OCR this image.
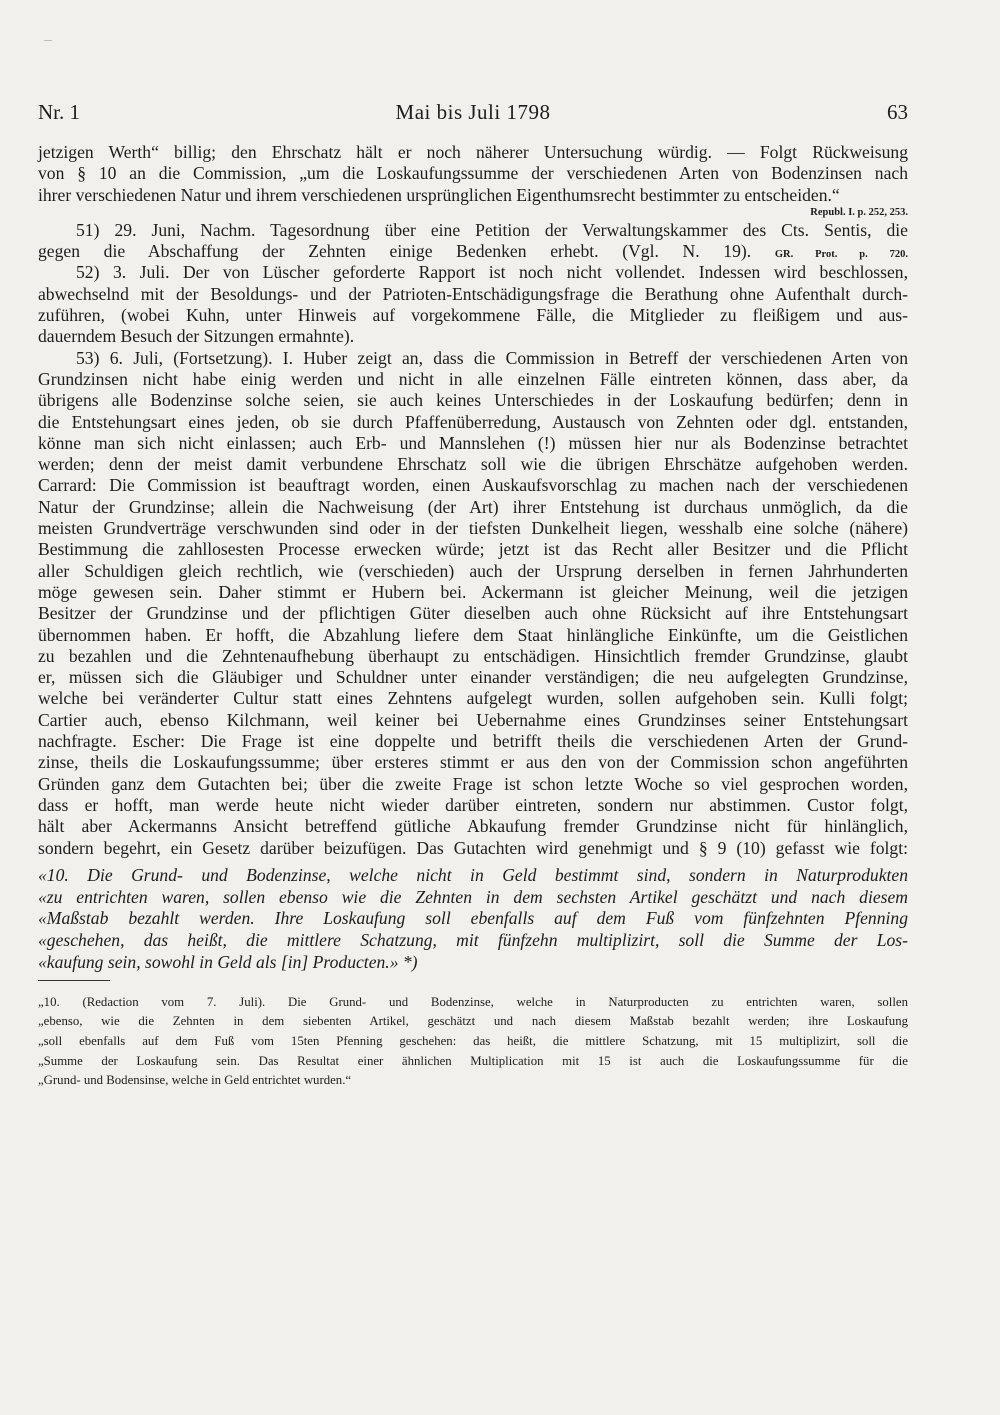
Nr. 1	Mai bis Juli 1798	63
jetzigen Werth“ billig; den Ehrschatz hält er noch näherer Untersuchung würdig. — Folgt Rückweisung
von § 10 an die Commission, „um die Loskaufungssumme der verschiedenen Arten von Bodenzinsen nach
ihrer verschiedenen Natur und ihrem verschiedenen ursprünglichen Eigenthumsrecht bestimmter zu entscheiden.“
Republ. I. p. 252, 253.
51) 29. Juni, Nachm. Tagesordnung über eine Petition der Verwaltungskammer des Cts. Sentis, die
gegen die Abschaffung der Zehnten einige Bedenken erhebt. (Vgl. N. 19). GR. Prot. p. 720.
52) 3. Juli. Der von Lüscher geforderte Rapport ist noch nicht vollendet. Indessen wird beschlossen,
abwechselnd mit der Besoldungs- und der Patrioten-Entschädigungsfrage die Berathung ohne Aufenthalt durch-
zuführen, (wobei Kuhn, unter Hinweis auf vorgekommene Fälle, die Mitglieder zu fleißigem und aus-
dauerndem Besuch der Sitzungen ermahnte).
53) 6. Juli, (Fortsetzung). I. Huber zeigt an, dass die Commission in Betreff der verschiedenen Arten von
Grundzinsen nicht habe einig werden und nicht in alle einzelnen Fälle eintreten können, dass aber, da
übrigens alle Bodenzinse solche seien, sie auch keines Unterschiedes in der Loskaufung bedürfen; denn in
die Entstehungsart eines jeden, ob sie durch Pfaffenüberredung, Austausch von Zehnten oder dgl. entstanden,
könne man sich nicht einlassen; auch Erb- und Mannslehen (!) müssen hier nur als Bodenzinse betrachtet
werden; denn der meist damit verbundene Ehrschatz soll wie die übrigen Ehrschätze aufgehoben werden.
Carrard: Die Commission ist beauftragt worden, einen Auskaufsvorschlag zu machen nach der verschiedenen
Natur der Grundzinse; allein die Nachweisung (der Art) ihrer Entstehung ist durchaus unmöglich, da die
meisten Grundverträge verschwunden sind oder in der tiefsten Dunkelheit liegen, wesshalb eine solche (nähere)
Bestimmung die zahllosesten Processe erwecken würde; jetzt ist das Recht aller Besitzer und die Pflicht
aller Schuldigen gleich rechtlich, wie (verschieden) auch der Ursprung derselben in fernen Jahrhunderten
möge gewesen sein. Daher stimmt er Hubern bei. Ackermann ist gleicher Meinung, weil die jetzigen
Besitzer der Grundzinse und der pflichtigen Güter dieselben auch ohne Rücksicht auf ihre Entstehungsart
übernommen haben. Er hofft, die Abzahlung liefere dem Staat hinlängliche Einkünfte, um die Geistlichen
zu bezahlen und die Zehntenaufhebung überhaupt zu entschädigen. Hinsichtlich fremder Grundzinse, glaubt
er, müssen sich die Gläubiger und Schuldner unter einander verständigen; die neu aufgelegten Grundzinse,
welche bei veränderter Cultur statt eines Zehntens aufgelegt wurden, sollen aufgehoben sein. Kulli folgt;
Cartier auch, ebenso Kilchmann, weil keiner bei Uebernahme eines Grundzinses seiner Entstehungsart
nachfragte. Escher: Die Frage ist eine doppelte und betrifft theils die verschiedenen Arten der Grund-
zinse, theils die Loskaufungssumme; über ersteres stimmt er aus den von der Commission schon angeführten
Gründen ganz dem Gutachten bei; über die zweite Frage ist schon letzte Woche so viel gesprochen worden,
dass er hofft, man werde heute nicht wieder darüber eintreten, sondern nur abstimmen. Custor folgt,
hält aber Ackermanns Ansicht betreffend gütliche Abkaufung fremder Grundzinse nicht für hinlänglich,
sondern begehrt, ein Gesetz darüber beizufügen. Das Gutachten wird genehmigt und § 9 (10) gefasst wie folgt:
«10. Die Grund- und Bodenzinse, welche nicht in Geld bestimmt sind, sondern in Naturprodukten
«zu entrichten waren, sollen ebenso wie die Zehnten in dem sechsten Artikel geschätzt und nach diesem
«Maßstab bezahlt werden. Ihre Loskaufung soll ebenfalls auf dem Fuß vom fünfzehnten Pfenning
«geschehen, das heißt, die mittlere Schatzung, mit fünfzehn multiplizirt, soll die Summe der Los-
«kaufung sein, sowohl in Geld als [in] Producten.» *)
„10. (Redaction vom 7. Juli). Die Grund- und Bodenzinse, welche in Naturproducten zu entrichten waren, sollen
„ebenso, wie die Zehnten in dem siebenten Artikel, geschätzt und nach diesem Maßstab bezahlt werden; ihre Loskaufung
„soll ebenfalls auf dem Fuß vom 15ten Pfenning geschehen: das heißt, die mittlere Schatzung, mit 15 multiplizirt, soll die
„Summe der Loskaufung sein. Das Resultat einer ähnlichen Multiplication mit 15 ist auch die Loskaufungssumme für die
„Grund- und Bodensinse, welche in Geld entrichtet wurden.“
